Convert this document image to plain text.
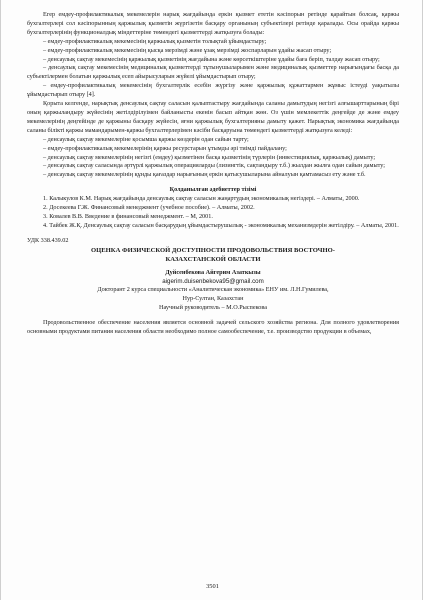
Егер емдеу-профилактикалық мекемелерін нарық жағдайында еркін қызмет ететін кәсіпорын ретінде қарайтын болсақ, қаржы бухгалтерлері сол кәсіпорынның қаржылық қызметін жүргізетін басқару органының субъектілері ретінде қаралады. Осы орайда қаржы бухгалтерлерінің функционалдық міндеттеріне төмендегі қызметтерді жатқызуға болады:

– емдеу-профилактикалық мекемесінің қаржылық қызметін толықтай ұйымдастыру;

– емдеу-профилактикалық мекемесінің қысқа мерзімді және ұзақ мерзімді жоспарларын ұдайы жасап отыру;

– денсаулық сақтау мекемесінің қаржылық қызметінің жағдайына және көрсеткіштеріне ұдайы баға беріп, талдау жасап отыру;

– денсаулық сақтау мекемесінің медициналық қызметтерді тұтынушыларымен және медициналық қызметтер нарығындағы басқа да субъектілермен болатын қаржылық есеп айырысуларын жүйелі ұйымдастырып отыру;

– емдеу-профилактикалық мекемесінің бухгалтерлік есебін жүргізу және қаржылық құжаттармен жұмыс істеуді уақытылы ұйымдастырып отыру [4].

Қорыта келгенде, нарықтық денсаулық сақтау саласын қалыптастыру жағдайында саланы дамытудың негізгі алғышарттарының бірі оның қаржыландыру жүйесінің жетілдірілуімен байланысты екенін басып айтқан жөн. Оз үшін мемлекеттік деңгейде де және емдеу мекемелерінің деңгейінде де қаржыны басқару жүйесін, яғни қаржылық бухгалтерияны дамыту қажет. Нарықтық экономика жағдайында саланы білікті қаржы мамандарымен-қаржы бухгалтерлерімен кәсіби басқаруына төмендегі қызметтерді жатқызуға келеді:

– денсаулық сақтау мекемелеріне қосымша қаржы көздерін одан сайын тарту;

– емдеу-профилактикалық мекемелерінің қаржы ресурстарын ұтымды әрі тиімді пайдалану;

– денсаулық сақтау мекемелерінің негізгі (емдеу) қызметінен басқа қызметінің түрлерін (инвестициялық, қаржылық) дамыту;

– денсаулық сақтау саласында әртүрлі қаржылық операцияларды (лизингтік, сақтандыру т.б.) жылдан жылға одан сайын дамыту;

– денсаулық сақтау мекемелерінің құнды қағаздар нарығының еркін қатысушыларына айналуын қамтамасыз ету және т.б.

Қолданылған әдебиеттер тізімі

1. Калыкулов К.М. Нарық жағдайында денсаулық сақтау саласын жаңартудың экономикалық негіздері. – Алматы, 2000.

2. Досекеева Г.Ж. Финансовый менеджмент (учебное пособие). – Алматы, 2002.

3. Ковалев В.В. Введение в финансовый менеджмент. – М, 2001.

4. Тайбек Ж.Қ. Денсаулық сақтау саласын басқарудың ұйымдастырушылық - экономикалық механизмдерін жетілдіру. – Алматы, 2001.

УДК 338.439.02

ОЦЕНКА ФИЗИЧЕСКОЙ ДОСТУПНОСТИ ПРОДОВОЛЬСТВИЯ ВОСТОЧНО-
КАЗАХСТАНСКОЙ ОБЛАСТИ

Дуйсенбекова Айгерим Азаткызы

aigerim.duisenbekova95@gmail.com

Докторант 2 курса специальности «Аналитическая экономика» ЕНУ им. Л.Н.Гумилева,

Нур-Султан, Казахстан

Научный руководитель – М.О.Рыспекова

Продовольственное обеспечение населения является основной задачей сельского хозяйства региона. Для полного удовлетворения основными продуктами питания населения области необходимо полное самообеспечение, т.е. производство продукции в объемах,

3501
